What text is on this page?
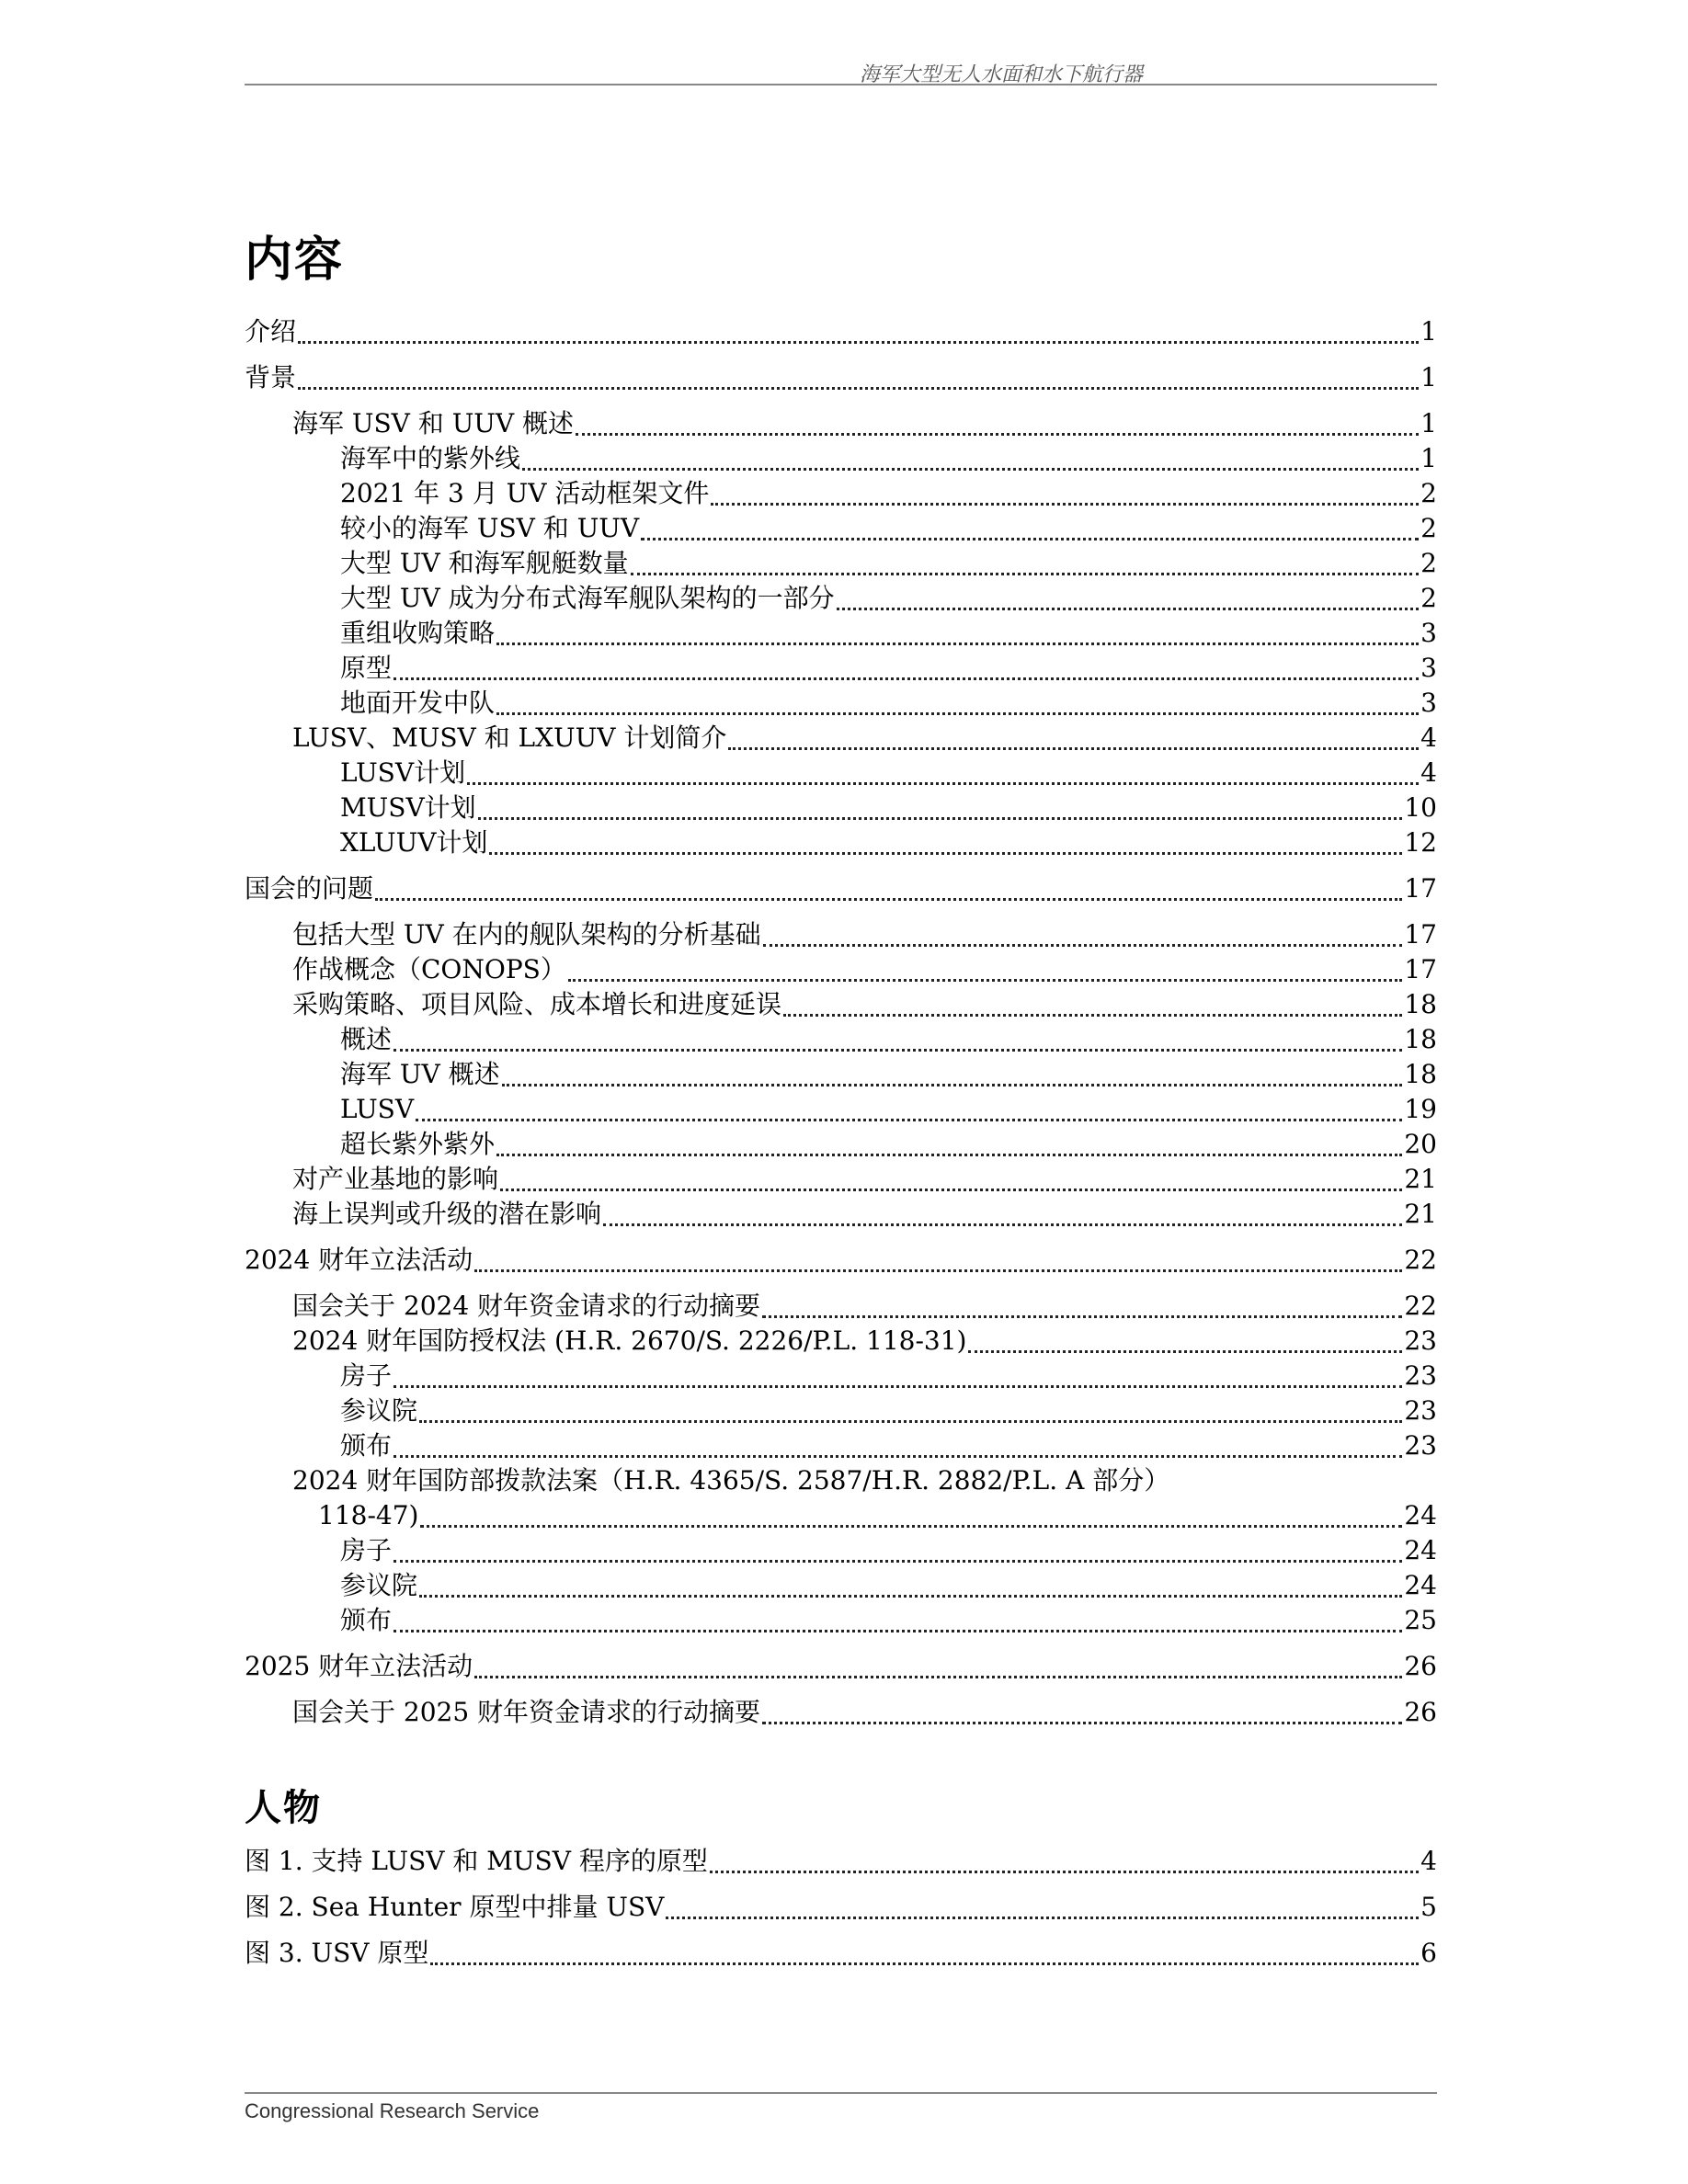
海军大型无人水面和水下航行器
内容
介绍	1
背景	1
海军 USV 和 UUV 概述	1
海军中的紫外线	1
2021 年 3 月 UV 活动框架文件	2
较小的海军 USV 和 UUV	2
大型 UV 和海军舰艇数量	2
大型 UV 成为分布式海军舰队架构的一部分	2
重组收购策略	3
原型	3
地面开发中队	3
LUSV、MUSV 和 LXUUV 计划简介	4
LUSV计划	4
MUSV计划	10
XLUUV计划	12
国会的问题	17
包括大型 UV 在内的舰队架构的分析基础	17
作战概念（CONOPS）	17
采购策略、项目风险、成本增长和进度延误	18
概述	18
海军 UV 概述	18
LUSV	19
超长紫外紫外	20
对产业基地的影响	21
海上误判或升级的潜在影响	21
2024 财年立法活动	22
国会关于 2024 财年资金请求的行动摘要	22
2024 财年国防授权法 (H.R. 2670/S. 2226/P.L. 118-31)	23
房子	23
参议院	23
颁布	23
2024 财年国防部拨款法案（H.R. 4365/S. 2587/H.R. 2882/P.L. A 部分）
118-47)	24
房子	24
参议院	24
颁布	25
2025 财年立法活动	26
国会关于 2025 财年资金请求的行动摘要	26
人物
图 1. 支持 LUSV 和 MUSV 程序的原型	4
图 2. Sea Hunter 原型中排量 USV	5
图 3. USV 原型	6
Congressional Research Service
